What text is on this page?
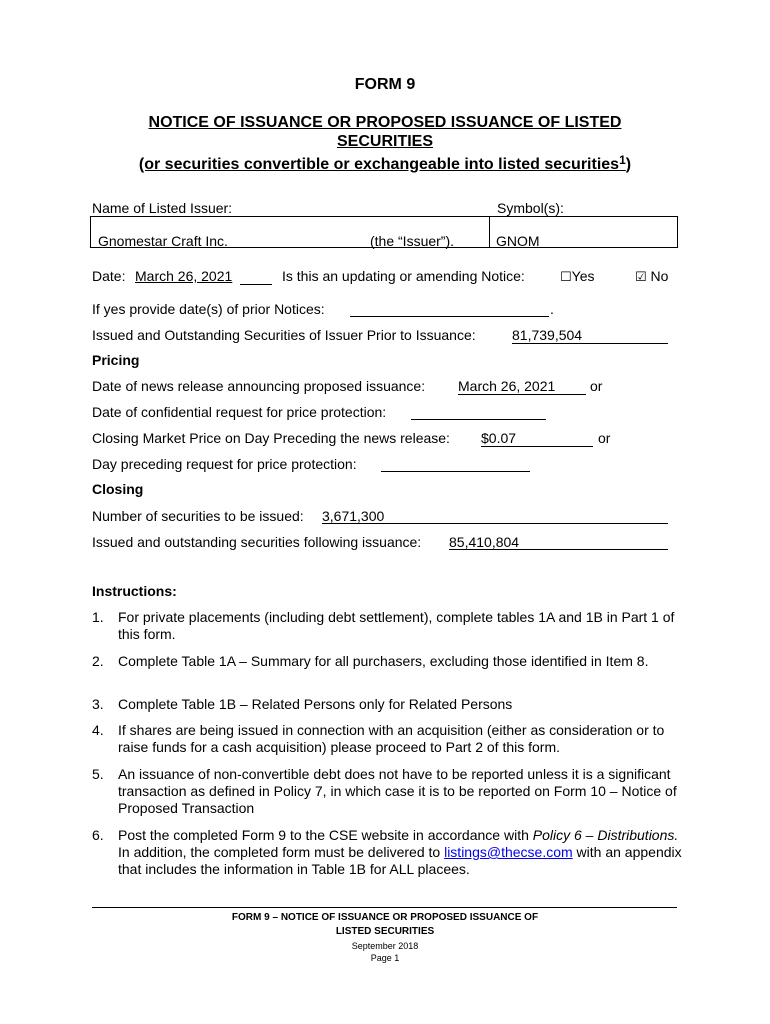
FORM 9
NOTICE OF ISSUANCE OR PROPOSED ISSUANCE OF LISTED SECURITIES
(or securities convertible or exchangeable into listed securities$^1$)
Name of Listed Issuer:	Symbol(s):
Gnomestar Craft Inc.	(the “Issuer”).	GNOM
Date: March 26, 2021	Is this an updating or amending Notice:	☐Yes	☑ No
If yes provide date(s) of prior Notices:	.
Issued and Outstanding Securities of Issuer Prior to Issuance:	81,739,504
Pricing
Date of news release announcing proposed issuance: March 26, 2021 or
Date of confidential request for price protection:
Closing Market Price on Day Preceding the news release: $0.07	or
Day preceding request for price protection:
Closing
Number of securities to be issued: 3,671,300
Issued and outstanding securities following issuance: 85,410,804
Instructions:
1. For private placements (including debt settlement), complete tables 1A and 1B in Part 1 of this form.
2. Complete Table 1A – Summary for all purchasers, excluding those identified in Item 8.
3. Complete Table 1B – Related Persons only for Related Persons
4. If shares are being issued in connection with an acquisition (either as consideration or to raise funds for a cash acquisition) please proceed to Part 2 of this form.
5. An issuance of non-convertible debt does not have to be reported unless it is a significant transaction as defined in Policy 7, in which case it is to be reported on Form 10 – Notice of Proposed Transaction
6. Post the completed Form 9 to the CSE website in accordance with Policy 6 – Distributions. In addition, the completed form must be delivered to listings@thecse.com with an appendix that includes the information in Table 1B for ALL placees.
FORM 9 – NOTICE OF ISSUANCE OR PROPOSED ISSUANCE OF
LISTED SECURITIES
September 2018
Page 1
